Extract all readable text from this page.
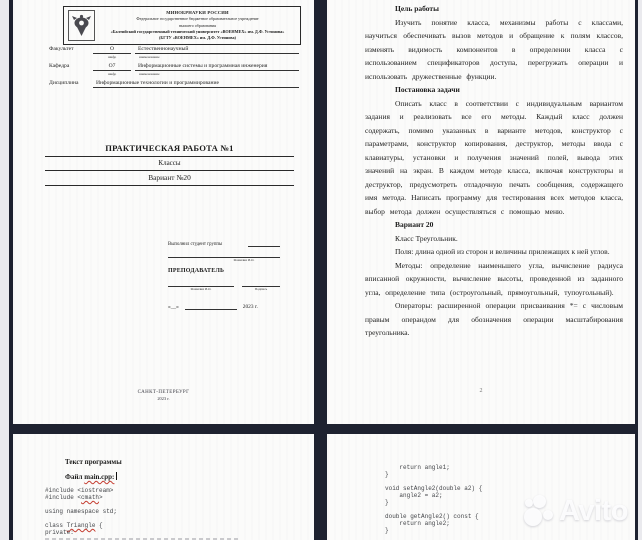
МИНОБРНАУКИ РОССИИ
Федеральное государственное бюджетное образовательное учреждение
высшего образования
«Балтийский государственный технический университет «ВОЕНМЕХ» им. Д.Ф. Устинова»
(БГТУ «ВОЕНМЕХ» им. Д.Ф. Устинова)
Факультет	О	Естественнонаучный
шифр	наименование
Кафедра	О7	Информационные системы и программная инженерия
шифр	наименование
Дисциплина	Информационные технологии и программирование
ПРАКТИЧЕСКАЯ РАБОТА №1
Классы
Вариант №20
Выполнил студент группы
Фамилия И.О.
ПРЕПОДАВАТЕЛЬ
Фамилия И.О.	Подпись
«__»	2023 г.
САНКТ-ПЕТЕРБУРГ
2023 г.
Цель работы

Изучить понятие класса, механизмы работы с классами, научиться обеспечивать вызов методов и обращение к полям классов, изменять видимость компонентов в определении класса с использованием спецификаторов доступа, перегружать операции и использовать дружественные функции.

Постановка задачи

Описать класс в соответствии с индивидуальным вариантом задания и реализовать все его методы. Каждый класс должен содержать, помимо указанных в варианте методов, конструктор с параметрами, конструктор копирования, деструктор, методы ввода с клавиатуры, установки и получения значений полей, вывода этих значений на экран. В каждом методе класса, включая конструкторы и деструктор, предусмотреть отладочную печать сообщения, содержащего имя метода. Написать программу для тестирования всех методов класса, выбор метода должен осуществляться с помощью меню.

Вариант 20
Класс Треугольник.
Поля: длина одной из сторон и величины прилежащих к ней углов.

Методы: определение наименьшего угла, вычисление радиуса вписанной окружности, вычисление высоты, проведенной из заданного угла, определение типа (остроугольный, прямоугольный, тупоугольный).

Операторы: расширенной операции присваивания *= с числовым правым операндом для обозначения операции масштабирования треугольника.

2
Текст программы
Файл main.cpp:
#include <iostream>
#include <cmath>
using namespace std;
class Triangle {
private:
return angle1;
}
void setAngle2(double a2) {
angle2 = a2;
}
double getAngle2() const {
return angle2;
}
Avito
